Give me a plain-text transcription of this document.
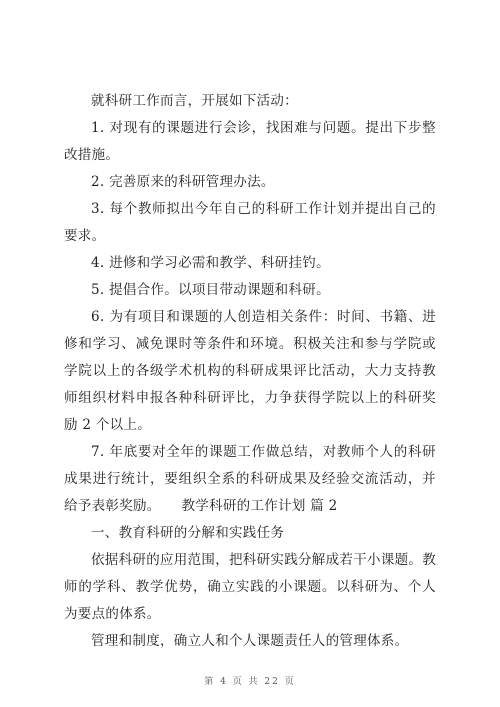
就科研工作而言，开展如下活动：

1. 对现有的课题进行会诊，找困难与问题。提出下步整改措施。

2. 完善原来的科研管理办法。

3. 每个教师拟出今年自己的科研工作计划并提出自己的要求。

4. 进修和学习必需和教学、科研挂钓。

5. 提倡合作。以项目带动课题和科研。

6. 为有项目和课题的人创造相关条件：时间、书籍、进修和学习、减免课时等条件和环境。积极关注和参与学院或学院以上的各级学术机构的科研成果评比活动，大力支持教师组织材料申报各种科研评比，力争获得学院以上的科研奖励 2 个以上。

7. 年底要对全年的课题工作做总结，对教师个人的科研成果进行统计，要组织全系的科研成果及经验交流活动，并给予表彰奖励。　　教学科研的工作计划 篇 2

一、教育科研的分解和实践任务

依据科研的应用范围，把科研实践分解成若干小课题。教师的学科、教学优势，确立实践的小课题。以科研为、个人为要点的体系。

管理和制度，确立人和个人课题责任人的管理体系。

第 4 页 共 22 页
